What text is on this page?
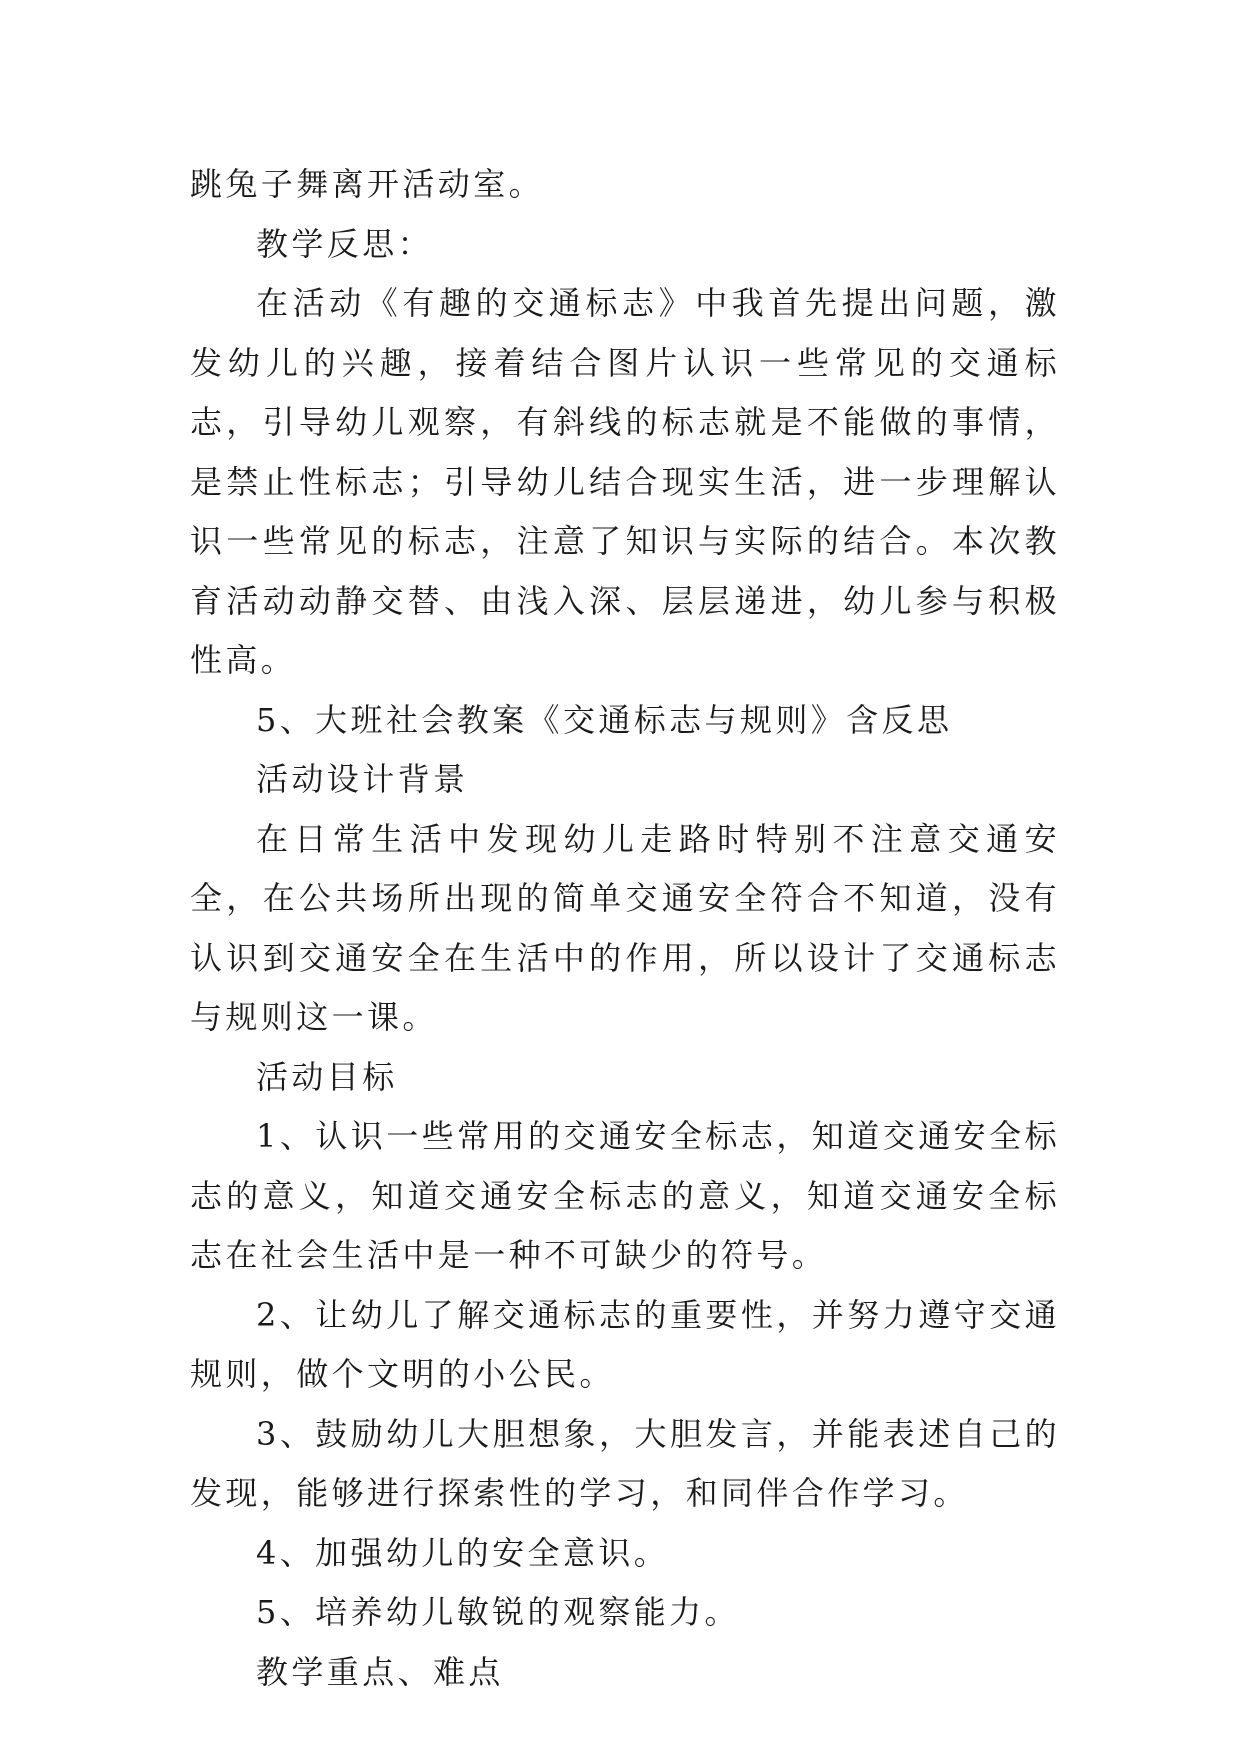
跳兔子舞离开活动室。

教学反思：

在活动《有趣的交通标志》中我首先提出问题，激发幼儿的兴趣，接着结合图片认识一些常见的交通标志，引导幼儿观察，有斜线的标志就是不能做的事情，是禁止性标志；引导幼儿结合现实生活，进一步理解认识一些常见的标志，注意了知识与实际的结合。本次教育活动动静交替、由浅入深、层层递进，幼儿参与积极性高。

5、大班社会教案《交通标志与规则》含反思

活动设计背景

在日常生活中发现幼儿走路时特别不注意交通安全，在公共场所出现的简单交通安全符合不知道，没有认识到交通安全在生活中的作用，所以设计了交通标志与规则这一课。

活动目标

1、认识一些常用的交通安全标志，知道交通安全标志的意义，知道交通安全标志的意义，知道交通安全标志在社会生活中是一种不可缺少的符号。

2、让幼儿了解交通标志的重要性，并努力遵守交通规则，做个文明的小公民。

3、鼓励幼儿大胆想象，大胆发言，并能表述自己的发现，能够进行探索性的学习，和同伴合作学习。

4、加强幼儿的安全意识。

5、培养幼儿敏锐的观察能力。

教学重点、难点
